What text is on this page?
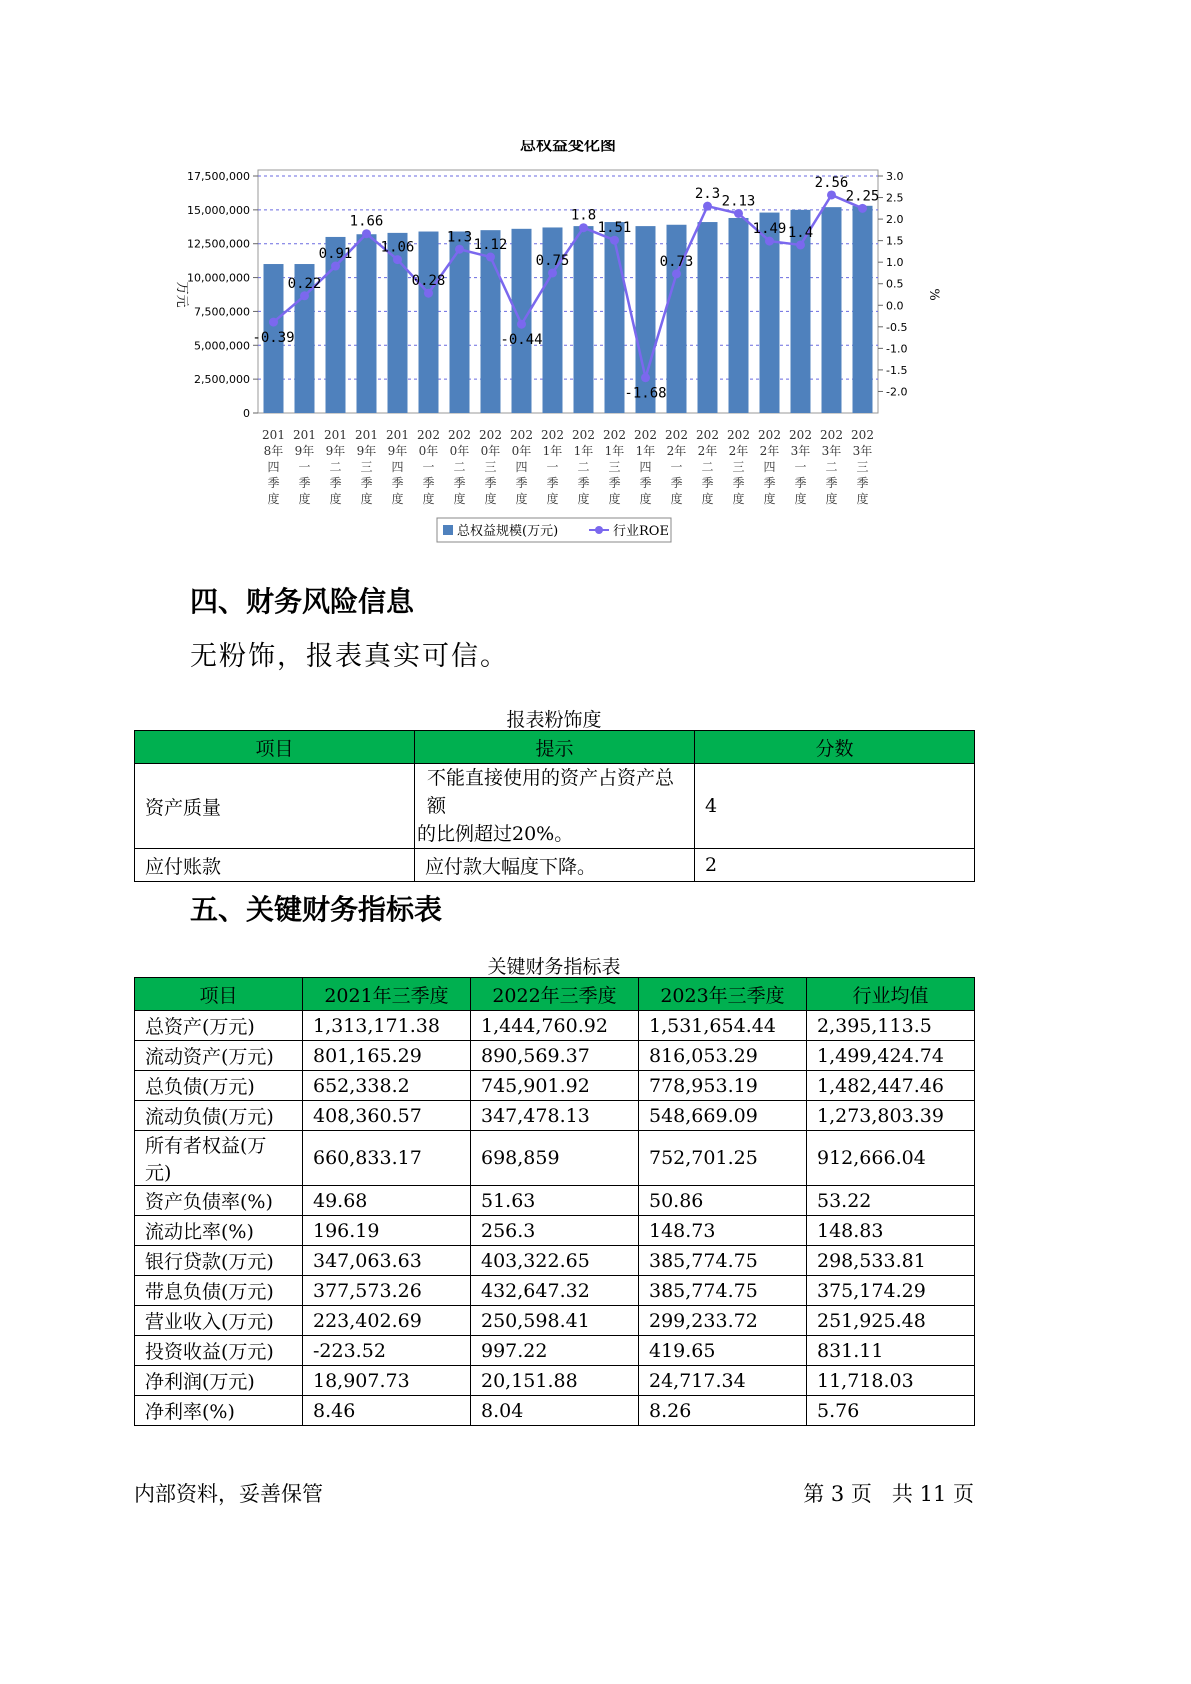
总权益变化图
0
2,500,000
5,000,000
7,500,000
10,000,000
12,500,000
15,000,000
17,500,000
-2.0
-1.5
-1.0
-0.5
0.0
0.5
1.0
1.5
2.0
2.5
3.0
万元	%
201 8年四季度
201 9年一季度
201 9年二季度
201 9年三季度
201 9年四季度
202 0年一季度
202 0年二季度
202 0年三季度
202 0年四季度
202 1年一季度
202 1年二季度
202 1年三季度
202 1年四季度
202 2年一季度
202 2年二季度
202 2年三季度
202 2年四季度
202 3年一季度
202 3年二季度
202 3年三季度
-0.39
0.22
0.91
1.66
1.06
0.28
1.3 1.12
-0.44
0.75
1.8
1.51
-1.68
0.73
2.3 2.13
1.49 1.4
2.56
2.25
总权益规模(万元)	行业ROE
四、财务风险信息
无粉饰，报表真实可信。
报表粉饰度
项目	提示	分数
资产质量	不能直接使用的资产占资产总额
的比例超过20%。	4
应付账款	应付款大幅度下降。	2
五、关键财务指标表
关键财务指标表
项目	2021年三季度	2022年三季度	2023年三季度	行业均值
总资产(万元)	1,313,171.38	1,444,760.92	1,531,654.44	2,395,113.5
流动资产(万元)	801,165.29	890,569.37	816,053.29	1,499,424.74
总负债(万元)	652,338.2	745,901.92	778,953.19	1,482,447.46
流动负债(万元)	408,360.57	347,478.13	548,669.09	1,273,803.39
所有者权益(万元)	660,833.17	698,859	752,701.25	912,666.04
资产负债率(%)	49.68	51.63	50.86	53.22
流动比率(%)	196.19	256.3	148.73	148.83
银行贷款(万元)	347,063.63	403,322.65	385,774.75	298,533.81
带息负债(万元)	377,573.26	432,647.32	385,774.75	375,174.29
营业收入(万元)	223,402.69	250,598.41	299,233.72	251,925.48
投资收益(万元)	-223.52	997.22	419.65	831.11
净利润(万元)	18,907.73	20,151.88	24,717.34	11,718.03
净利率(%)	8.46	8.04	8.26	5.76
内部资料，妥善保管	第 3 页   共 11 页
